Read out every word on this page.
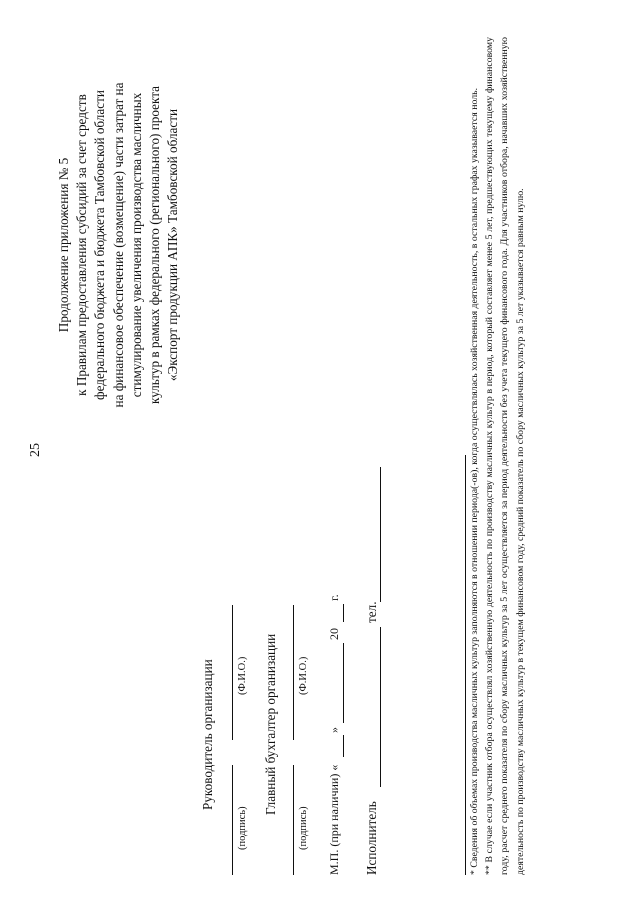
25
Продолжение приложения № 5 к Правилам предоставления субсидий за счет средств федерального бюджета и бюджета Тамбовской области на финансовое обеспечение (возмещение) части затрат на стимулирование увеличения производства масличных культур в рамках федерального (регионального) проекта «Экспорт продукции АПК» Тамбовской области
Руководитель организации
(подпись)
(Ф.И.О.) Главный бухгалтер организации
(подпись)
(Ф.И.О.)
М.П. (при наличии) «
»
20
г.
Исполнитель
тел.	* Сведения об объемах производства масличных культур заполняются в отношении периода(-ов), когда осуществлялась хозяйственная деятельность, в остальных графах указывается ноль. ** В случае если участник отбора осуществлял хозяйственную деятельность по производству масличных культур в период, который составляет менее 5 лет, предшествующих текущему финансовому году, расчет среднего показателя по сбору масличных культур за 5 лет осуществляется за период деятельности без учета текущего финансового года. Для участников отбора, начавших хозяйственную деятельность по производству масличных культур в текущем финансовом году, средний показатель по сбору масличных культур за 5 лет указывается равным нулю.
